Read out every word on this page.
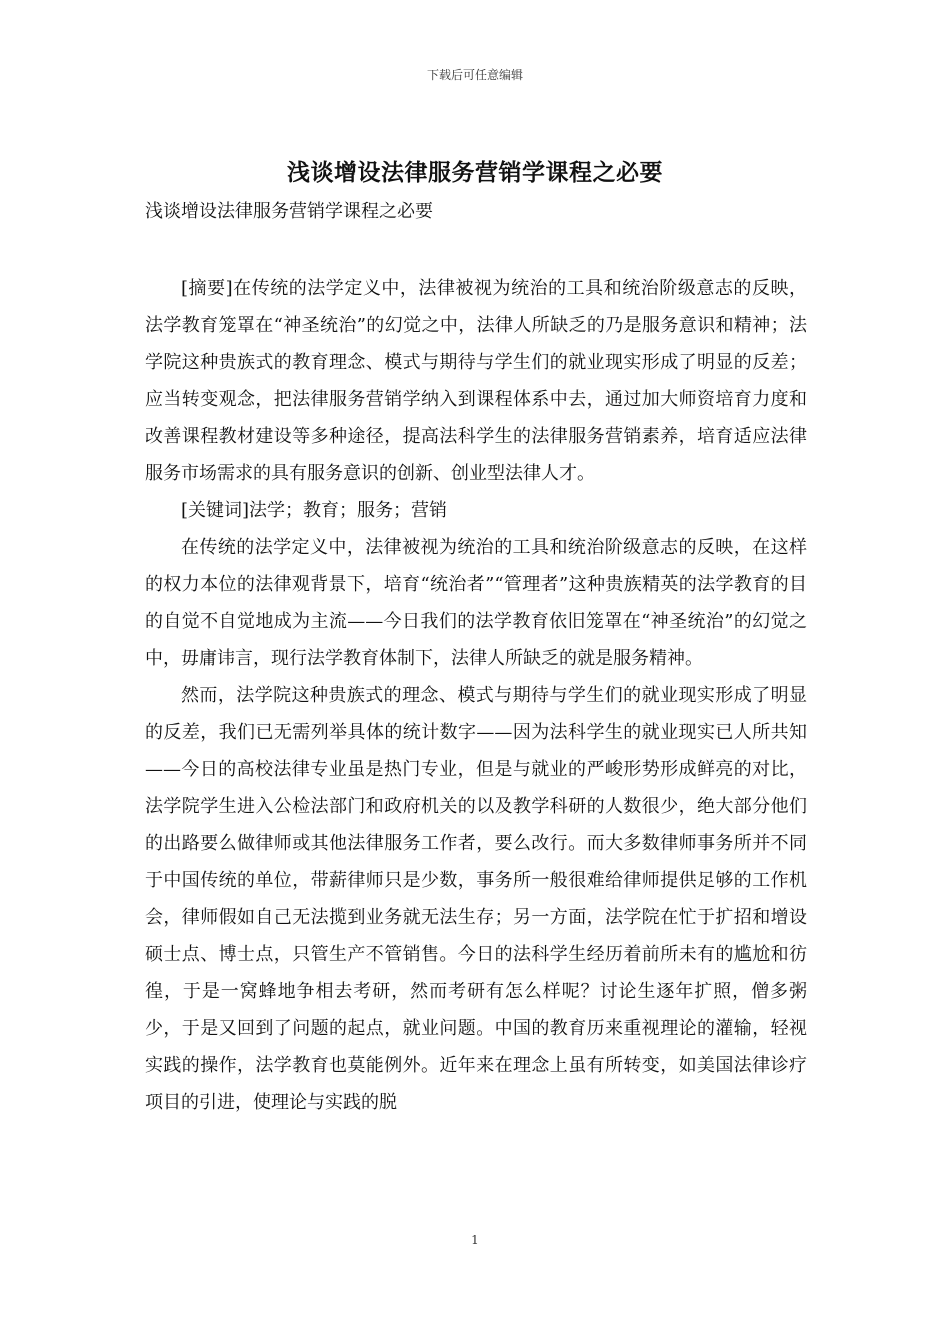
下载后可任意编辑
浅谈增设法律服务营销学课程之必要
浅谈增设法律服务营销学课程之必要

[摘要]在传统的法学定义中，法律被视为统治的工具和统治阶级意志的反映，法学教育笼罩在“神圣统治”的幻觉之中，法律人所缺乏的乃是服务意识和精神；法学院这种贵族式的教育理念、模式与期待与学生们的就业现实形成了明显的反差；应当转变观念，把法律服务营销学纳入到课程体系中去，通过加大师资培育力度和改善课程教材建设等多种途径，提高法科学生的法律服务营销素养，培育适应法律服务市场需求的具有服务意识的创新、创业型法律人才。

[关键词]法学；教育；服务；营销

在传统的法学定义中，法律被视为统治的工具和统治阶级意志的反映，在这样的权力本位的法律观背景下，培育“统治者”“管理者”这种贵族精英的法学教育的目的自觉不自觉地成为主流——今日我们的法学教育依旧笼罩在“神圣统治”的幻觉之中，毋庸讳言，现行法学教育体制下，法律人所缺乏的就是服务精神。

然而，法学院这种贵族式的理念、模式与期待与学生们的就业现实形成了明显的反差，我们已无需列举具体的统计数字——因为法科学生的就业现实已人所共知——今日的高校法律专业虽是热门专业，但是与就业的严峻形势形成鲜亮的对比，法学院学生进入公检法部门和政府机关的以及教学科研的人数很少，绝大部分他们的出路要么做律师或其他法律服务工作者，要么改行。而大多数律师事务所并不同于中国传统的单位，带薪律师只是少数，事务所一般很难给律师提供足够的工作机会，律师假如自己无法揽到业务就无法生存；另一方面，法学院在忙于扩招和增设硕士点、博士点，只管生产不管销售。今日的法科学生经历着前所未有的尴尬和彷徨，于是一窝蜂地争相去考研，然而考研有怎么样呢？讨论生逐年扩照，僧多粥少，于是又回到了问题的起点，就业问题。中国的教育历来重视理论的灌输，轻视实践的操作，法学教育也莫能例外。近年来在理念上虽有所转变，如美国法律诊疗项目的引进，使理论与实践的脱

1
